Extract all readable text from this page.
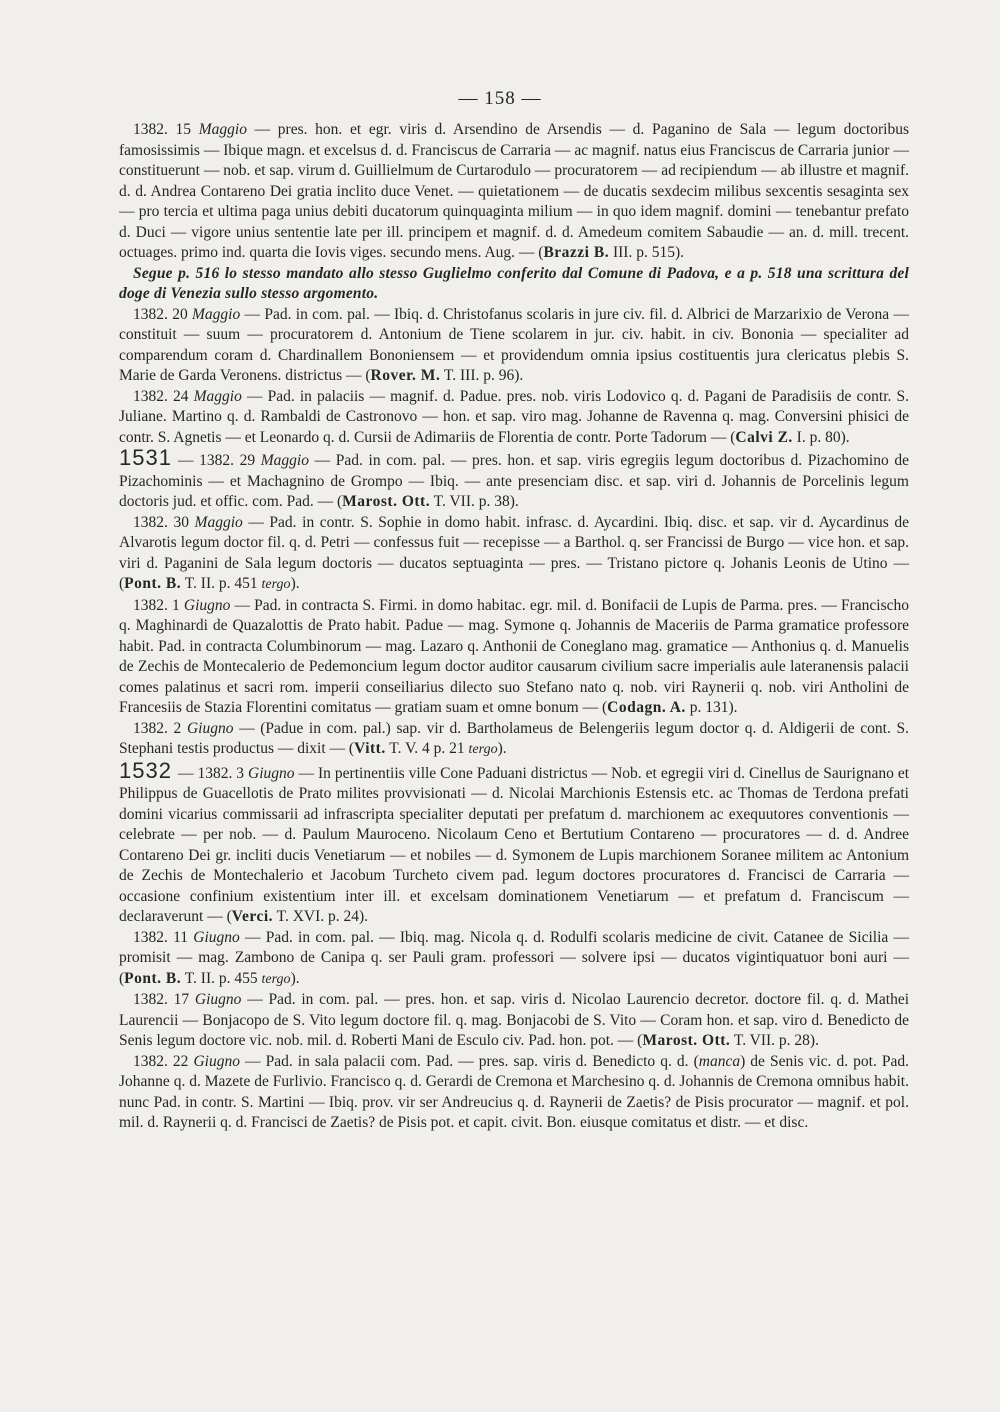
— 158 —

1382. 15 Maggio — pres. hon. et egr. viris d. Arsendino de Arsendis — d. Paganino de Sala — legum doctoribus famosissimis — Ibique magn. et excelsus d. d. Franciscus de Carraria — ac magnif. natus eius Franciscus de Carraria junior — constituerunt — nob. et sap. virum d. Guillielmum de Curtarodulo — procuratorem — ad recipiendum — ab illustre et magnif. d. d. Andrea Contareno Dei gratia inclito duce Venet. — quietationem — de ducatis sexdecim milibus sexcentis sesaginta sex — pro tercia et ultima paga unius debiti ducatorum quinquaginta milium — in quo idem magnif. domini — tenebantur prefato d. Duci — vigore unius sententie late per ill. principem et magnif. d. d. Amedeum comitem Sabaudie — an. d. mill. trecent. octuages. primo ind. quarta die Iovis viges. secundo mens. Aug. — (Brazzi B. III. p. 515).

Segue p. 516 lo stesso mandato allo stesso Guglielmo conferito dal Comune di Padova, e a p. 518 una scrittura del doge di Venezia sullo stesso argomento.

1382. 20 Maggio — Pad. in com. pal. — Ibiq. d. Christofanus scolaris in jure civ. fil. d. Albrici de Marzarixio de Verona — constituit — suum — procuratorem d. Antonium de Tiene scolarem in jur. civ. habit. in civ. Bononia — specialiter ad comparendum coram d. Chardinallem Bononiensem — et providendum omnia ipsius costituentis jura clericatus plebis S. Marie de Garda Veronens. districtus — (Rover. M. T. III. p. 96).

1382. 24 Maggio — Pad. in palaciis — magnif. d. Padue. pres. nob. viris Lodovico q. d. Pagani de Paradisiis de contr. S. Juliane. Martino q. d. Rambaldi de Castronovo — hon. et sap. viro mag. Johanne de Ravenna q. mag. Conversini phisici de contr. S. Agnetis — et Leonardo q. d. Cursii de Adimariis de Florentia de contr. Porte Tadorum — (Calvi Z. I. p. 80).

1531 — 1382. 29 Maggio — Pad. in com. pal. — pres. hon. et sap. viris egregiis legum doctoribus d. Pizachomino de Pizachominis — et Machagnino de Grompo — Ibiq. — ante presenciam disc. et sap. viri d. Johannis de Porcelinis legum doctoris jud. et offic. com. Pad. — (Marost. Ott. T. VII. p. 38).

1382. 30 Maggio — Pad. in contr. S. Sophie in domo habit. infrasc. d. Aycardini. Ibiq. disc. et sap. vir d. Aycardinus de Alvarotis legum doctor fil. q. d. Petri — confessus fuit — recepisse — a Barthol. q. ser Francissi de Burgo — vice hon. et sap. viri d. Paganini de Sala legum doctoris — ducatos septuaginta — pres. — Tristano pictore q. Johanis Leonis de Utino — (Pont. B. T. II. p. 451 tergo).

1382. 1 Giugno — Pad. in contracta S. Firmi. in domo habitac. egr. mil. d. Bonifacii de Lupis de Parma. pres. — Francischo q. Maghinardi de Quazalottis de Prato habit. Padue — mag. Symone q. Johannis de Maceriis de Parma gramatice professore habit. Pad. in contracta Columbinorum — mag. Lazaro q. Anthonii de Coneglano mag. gramatice — Anthonius q. d. Manuelis de Zechis de Montecalerio de Pedemoncium legum doctor auditor causarum civilium sacre imperialis aule lateranensis palacii comes palatinus et sacri rom. imperii conseiliarius dilecto suo Stefano nato q. nob. viri Raynerii q. nob. viri Antholini de Francesiis de Stazia Florentini comitatus — gratiam suam et omne bonum — (Codagn. A. p. 131).

1382. 2 Giugno — (Padue in com. pal.) sap. vir d. Bartholameus de Belengeriis legum doctor q. d. Aldigerii de cont. S. Stephani testis productus — dixit — (Vitt. T. V. 4 p. 21 tergo).

1532 — 1382. 3 Giugno — In pertinentiis ville Cone Paduani districtus — Nob. et egregii viri d. Cinellus de Saurignano et Philippus de Guacellotis de Prato milites provvisionati — d. Nicolai Marchionis Estensis etc. ac Thomas de Terdona prefati domini vicarius commissarii ad infrascripta specialiter deputati per prefatum d. marchionem ac exequutores conventionis — celebrate — per nob. — d. Paulum Mauroceno. Nicolaum Ceno et Bertutium Contareno — procuratores — d. d. Andree Contareno Dei gr. incliti ducis Venetiarum — et nobiles — d. Symonem de Lupis marchionem Soranee militem ac Antonium de Zechis de Montechalerio et Jacobum Turcheto civem pad. legum doctores procuratores d. Francisci de Carraria — occasione confinium existentium inter ill. et excelsam dominationem Venetiarum — et prefatum d. Franciscum — declaraverunt — (Verci. T. XVI. p. 24).

1382. 11 Giugno — Pad. in com. pal. — Ibiq. mag. Nicola q. d. Rodulfi scolaris medicine de civit. Catanee de Sicilia — promisit — mag. Zambono de Canipa q. ser Pauli gram. professori — solvere ipsi — ducatos vigintiquatuor boni auri — (Pont. B. T. II. p. 455 tergo).

1382. 17 Giugno — Pad. in com. pal. — pres. hon. et sap. viris d. Nicolao Laurencio decretor. doctore fil. q. d. Mathei Laurencii — Bonjacopo de S. Vito legum doctore fil. q. mag. Bonjacobi de S. Vito — Coram hon. et sap. viro d. Benedicto de Senis legum doctore vic. nob. mil. d. Roberti Mani de Esculo civ. Pad. hon. pot. — (Marost. Ott. T. VII. p. 28).

1382. 22 Giugno — Pad. in sala palacii com. Pad. — pres. sap. viris d. Benedicto q. d. (manca) de Senis vic. d. pot. Pad. Johanne q. d. Mazete de Furlivio. Francisco q. d. Gerardi de Cremona et Marchesino q. d. Johannis de Cremona omnibus habit. nunc Pad. in contr. S. Martini — Ibiq. prov. vir ser Andreucius q. d. Raynerii de Zaetis? de Pisis procurator — magnif. et pol. mil. d. Raynerii q. d. Francisci de Zaetis? de Pisis pot. et capit. civit. Bon. eiusque comitatus et distr. — et disc.
